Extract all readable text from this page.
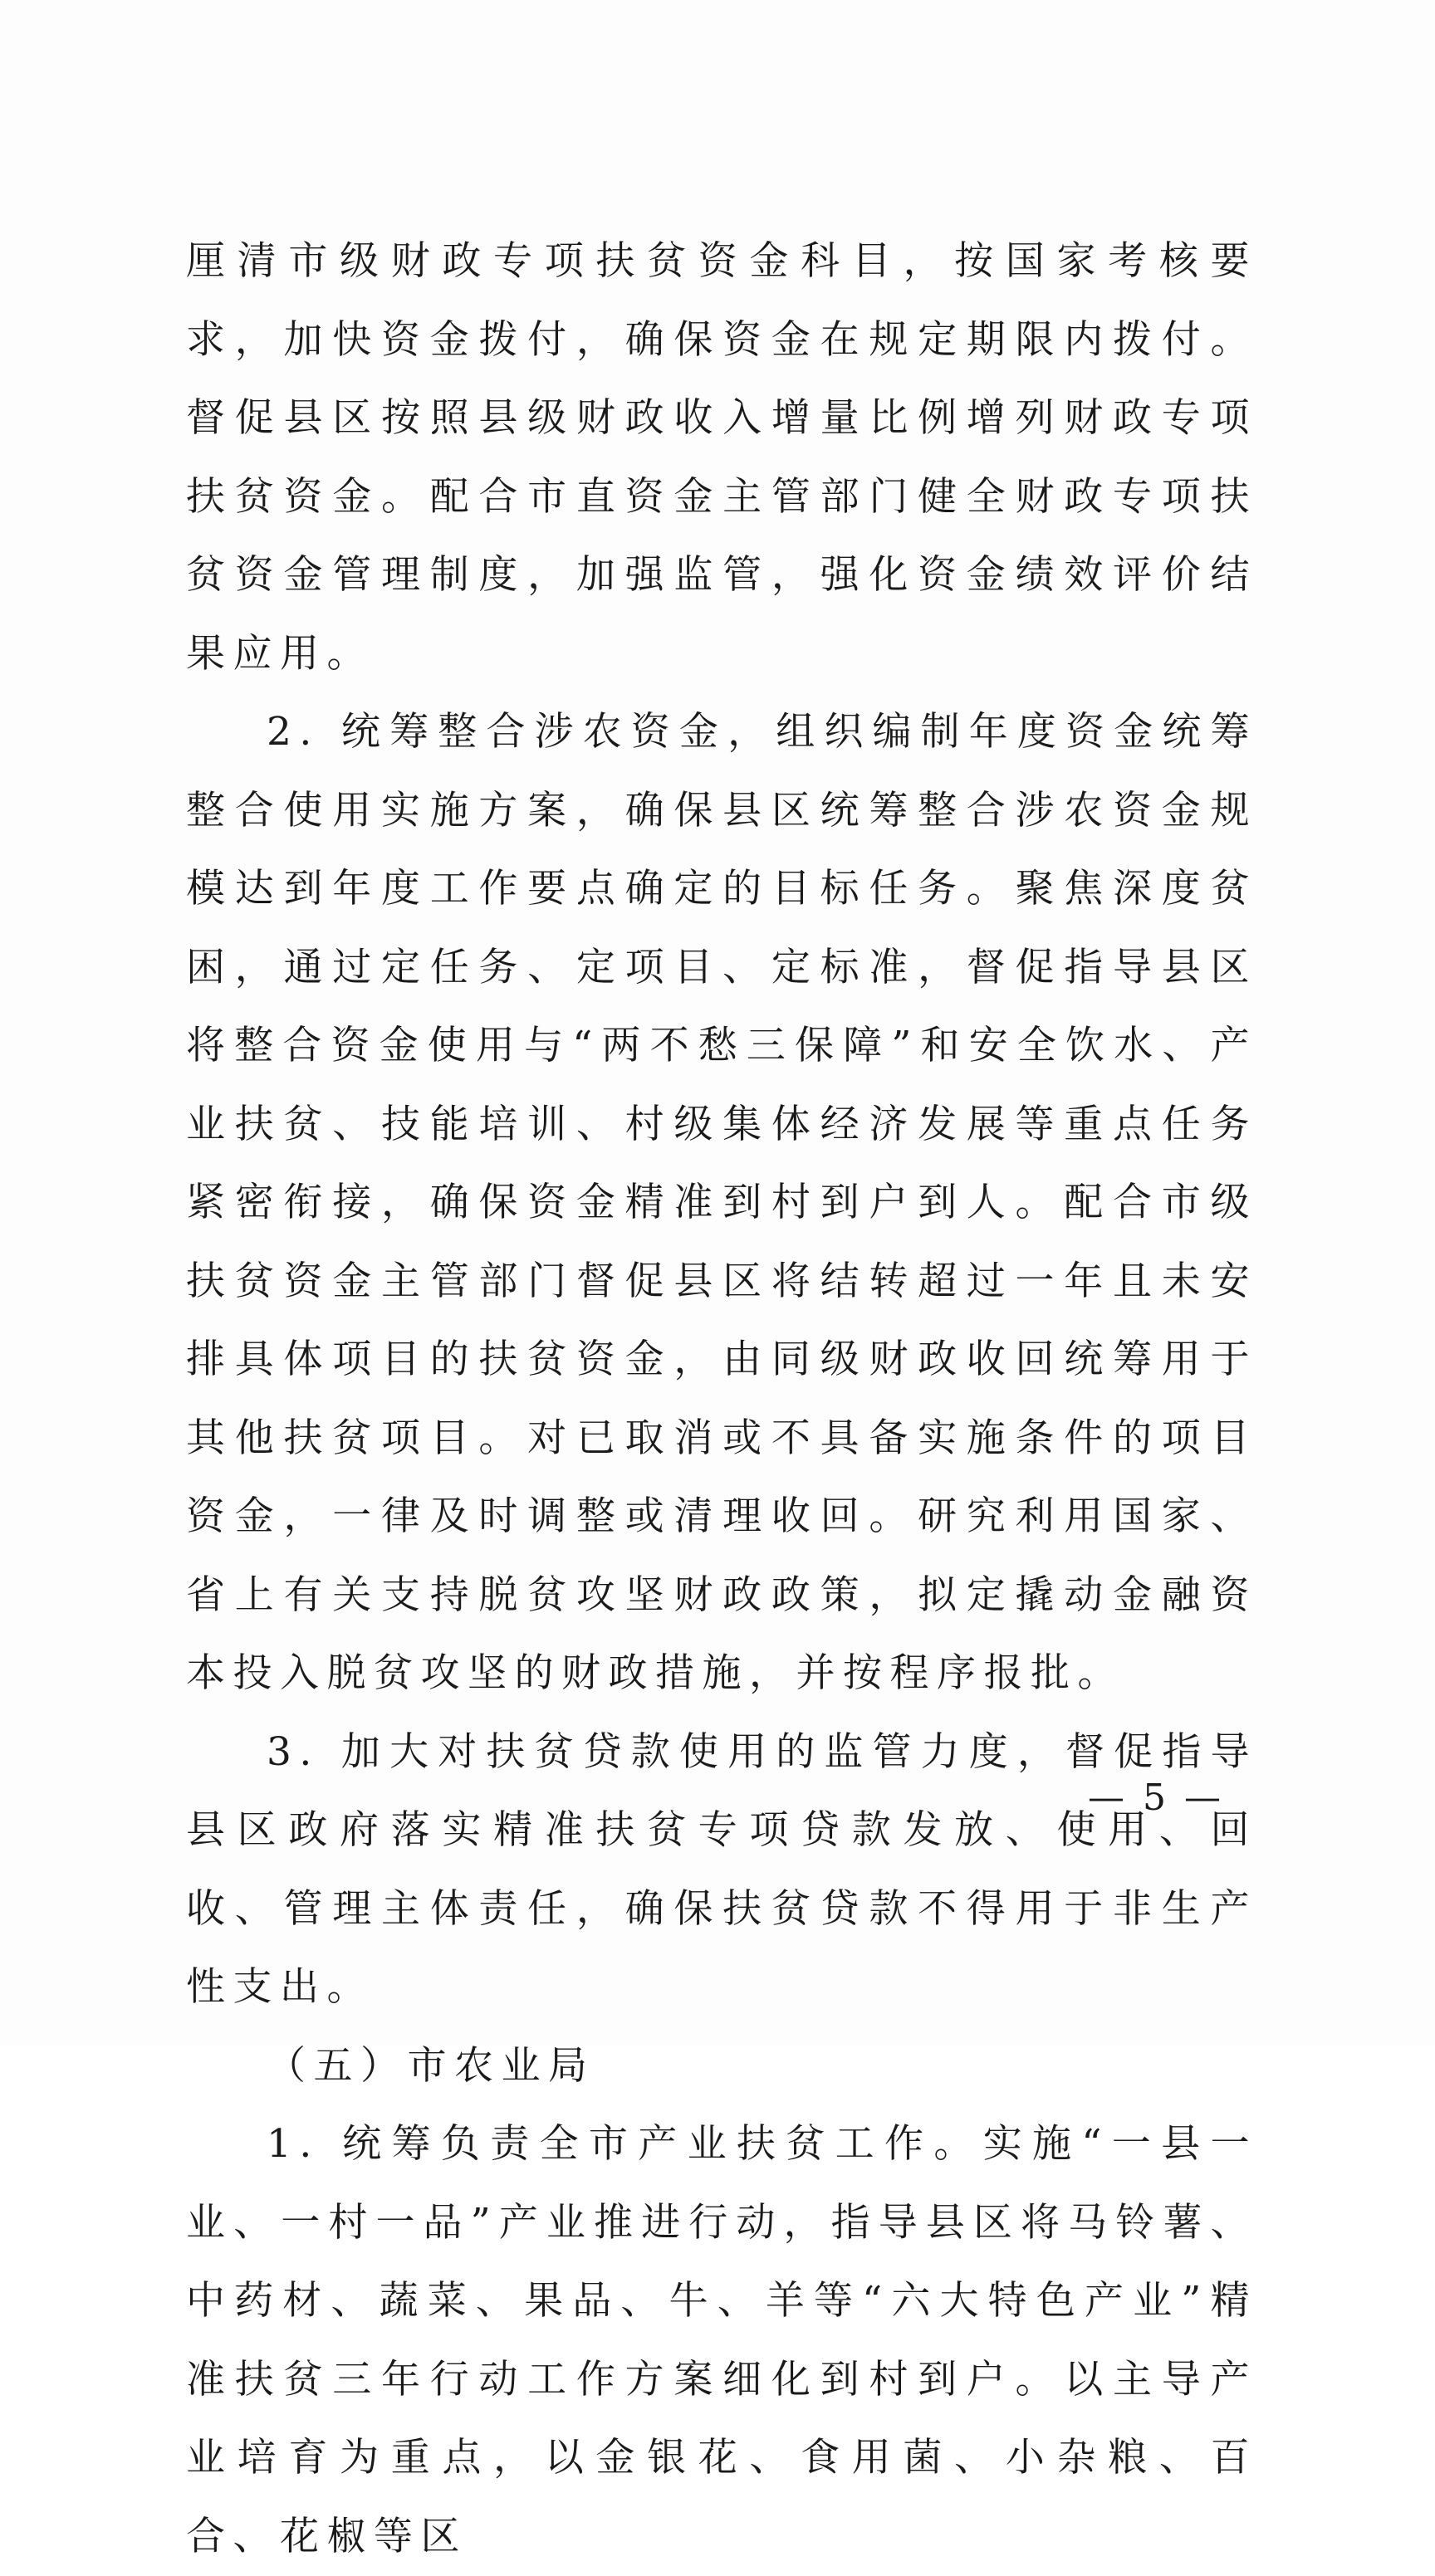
厘清市级财政专项扶贫资金科目，按国家考核要求，加快资金拨付，确保资金在规定期限内拨付。督促县区按照县级财政收入增量比例增列财政专项扶贫资金。配合市直资金主管部门健全财政专项扶贫资金管理制度，加强监管，强化资金绩效评价结果应用。

2. 统筹整合涉农资金，组织编制年度资金统筹整合使用实施方案，确保县区统筹整合涉农资金规模达到年度工作要点确定的目标任务。聚焦深度贫困，通过定任务、定项目、定标准，督促指导县区将整合资金使用与“两不愁三保障”和安全饮水、产业扶贫、技能培训、村级集体经济发展等重点任务紧密衔接，确保资金精准到村到户到人。配合市级扶贫资金主管部门督促县区将结转超过一年且未安排具体项目的扶贫资金，由同级财政收回统筹用于其他扶贫项目。对已取消或不具备实施条件的项目资金，一律及时调整或清理收回。研究利用国家、省上有关支持脱贫攻坚财政政策，拟定撬动金融资本投入脱贫攻坚的财政措施，并按程序报批。

3. 加大对扶贫贷款使用的监管力度，督促指导县区政府落实精准扶贫专项贷款发放、使用、回收、管理主体责任，确保扶贫贷款不得用于非生产性支出。

（五）市农业局

1. 统筹负责全市产业扶贫工作。实施“一县一业、一村一品”产业推进行动，指导县区将马铃薯、中药材、蔬菜、果品、牛、羊等“六大特色产业”精准扶贫三年行动工作方案细化到村到户。以主导产业培育为重点，以金银花、食用菌、小杂粮、百合、花椒等区

— 5 —
